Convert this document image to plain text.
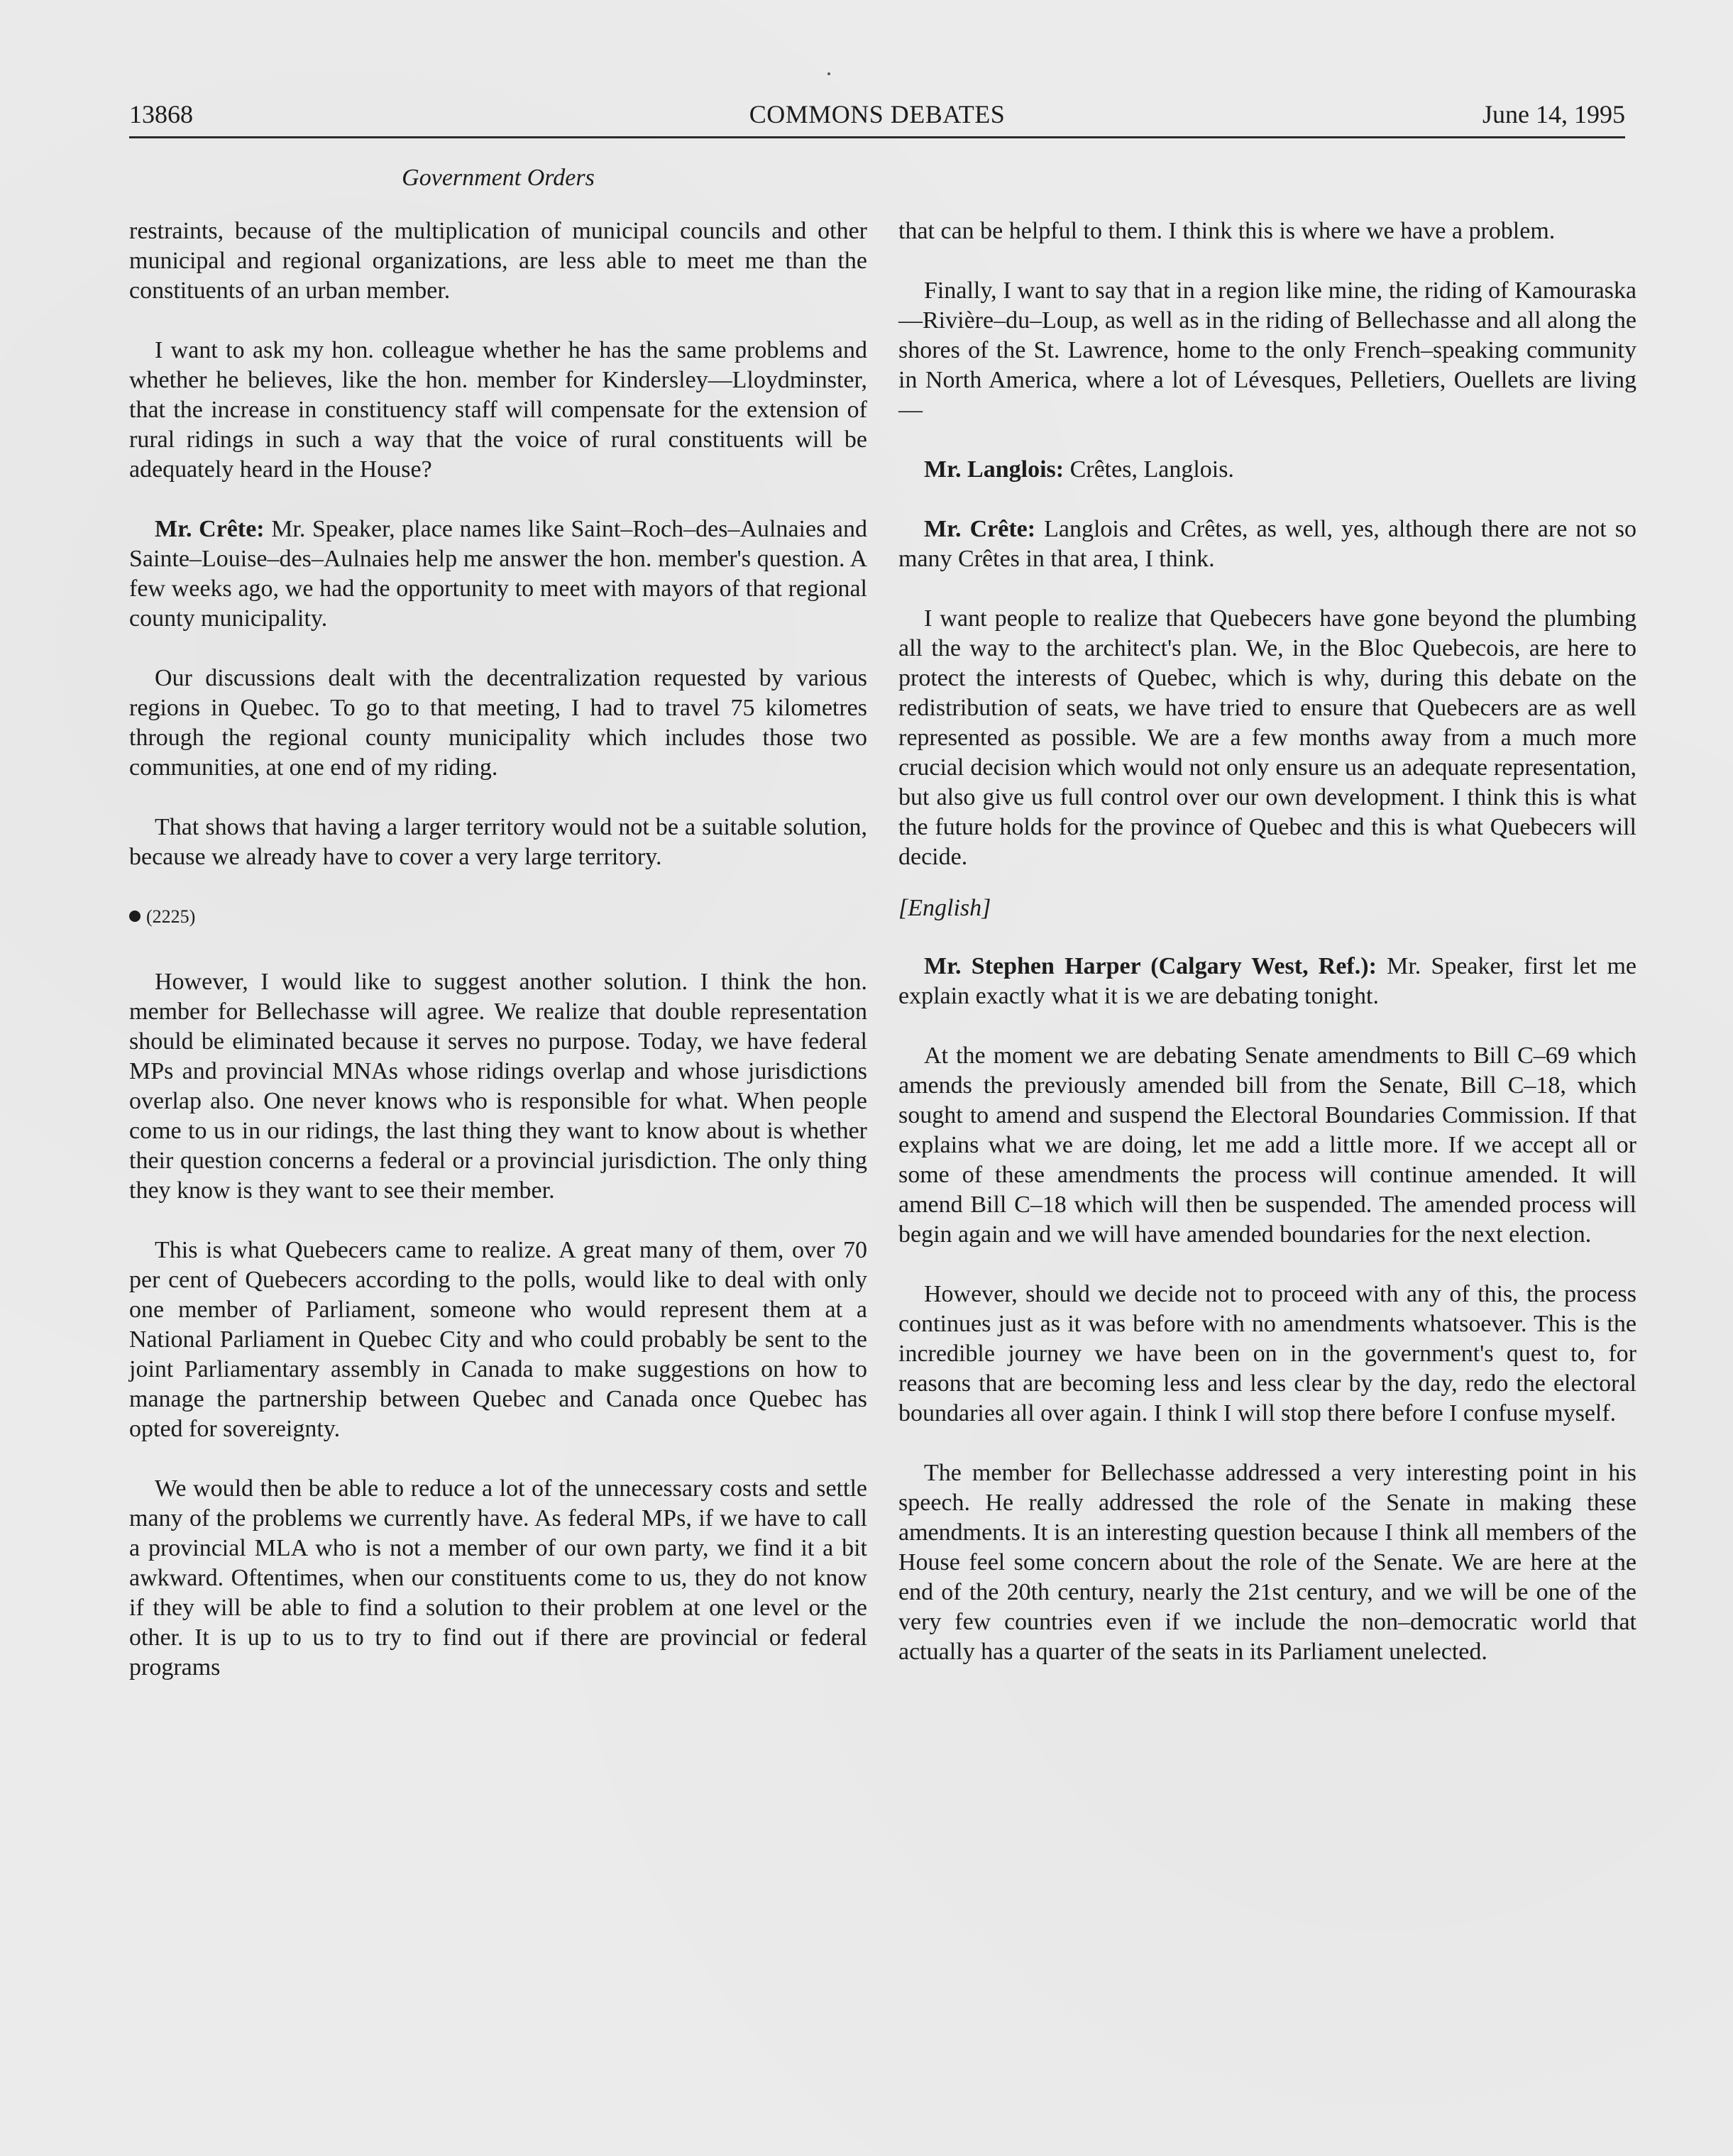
13868	COMMONS DEBATES	June 14, 1995
Government Orders

restraints, because of the multiplication of municipal councils and other municipal and regional organizations, are less able to meet me than the constituents of an urban member.

I want to ask my hon. colleague whether he has the same problems and whether he believes, like the hon. member for Kindersley—Lloydminster, that the increase in constituency staff will compensate for the extension of rural ridings in such a way that the voice of rural constituents will be adequately heard in the House?

Mr. Crête: Mr. Speaker, place names like Saint–Roch–des–Aulnaies and Sainte–Louise–des–Aulnaies help me answer the hon. member's question. A few weeks ago, we had the opportunity to meet with mayors of that regional county municipality.

Our discussions dealt with the decentralization requested by various regions in Quebec. To go to that meeting, I had to travel 75 kilometres through the regional county municipality which includes those two communities, at one end of my riding.

That shows that having a larger territory would not be a suitable solution, because we already have to cover a very large territory.

(2225)

However, I would like to suggest another solution. I think the hon. member for Bellechasse will agree. We realize that double representation should be eliminated because it serves no purpose. Today, we have federal MPs and provincial MNAs whose ridings overlap and whose jurisdictions overlap also. One never knows who is responsible for what. When people come to us in our ridings, the last thing they want to know about is whether their question concerns a federal or a provincial jurisdiction. The only thing they know is they want to see their member.

This is what Quebecers came to realize. A great many of them, over 70 per cent of Quebecers according to the polls, would like to deal with only one member of Parliament, someone who would represent them at a National Parliament in Quebec City and who could probably be sent to the joint Parliamentary assembly in Canada to make suggestions on how to manage the partnership between Quebec and Canada once Quebec has opted for sovereignty.

We would then be able to reduce a lot of the unnecessary costs and settle many of the problems we currently have. As federal MPs, if we have to call a provincial MLA who is not a member of our own party, we find it a bit awkward. Oftentimes, when our constituents come to us, they do not know if they will be able to find a solution to their problem at one level or the other. It is up to us to try to find out if there are provincial or federal programs

that can be helpful to them. I think this is where we have a problem.

Finally, I want to say that in a region like mine, the riding of Kamouraska—Rivière–du–Loup, as well as in the riding of Bellechasse and all along the shores of the St. Lawrence, home to the only French–speaking community in North America, where a lot of Lévesques, Pelletiers, Ouellets are living—

Mr. Langlois: Crêtes, Langlois.

Mr. Crête: Langlois and Crêtes, as well, yes, although there are not so many Crêtes in that area, I think.

I want people to realize that Quebecers have gone beyond the plumbing all the way to the architect's plan. We, in the Bloc Quebecois, are here to protect the interests of Quebec, which is why, during this debate on the redistribution of seats, we have tried to ensure that Quebecers are as well represented as possible. We are a few months away from a much more crucial decision which would not only ensure us an adequate representation, but also give us full control over our own development. I think this is what the future holds for the province of Quebec and this is what Quebecers will decide.

[English]

Mr. Stephen Harper (Calgary West, Ref.): Mr. Speaker, first let me explain exactly what it is we are debating tonight.

At the moment we are debating Senate amendments to Bill C–69 which amends the previously amended bill from the Senate, Bill C–18, which sought to amend and suspend the Electoral Boundaries Commission. If that explains what we are doing, let me add a little more. If we accept all or some of these amendments the process will continue amended. It will amend Bill C–18 which will then be suspended. The amended process will begin again and we will have amended boundaries for the next election.

However, should we decide not to proceed with any of this, the process continues just as it was before with no amendments whatsoever. This is the incredible journey we have been on in the government's quest to, for reasons that are becoming less and less clear by the day, redo the electoral boundaries all over again. I think I will stop there before I confuse myself.

The member for Bellechasse addressed a very interesting point in his speech. He really addressed the role of the Senate in making these amendments. It is an interesting question because I think all members of the House feel some concern about the role of the Senate. We are here at the end of the 20th century, nearly the 21st century, and we will be one of the very few countries even if we include the non–democratic world that actually has a quarter of the seats in its Parliament unelected.
